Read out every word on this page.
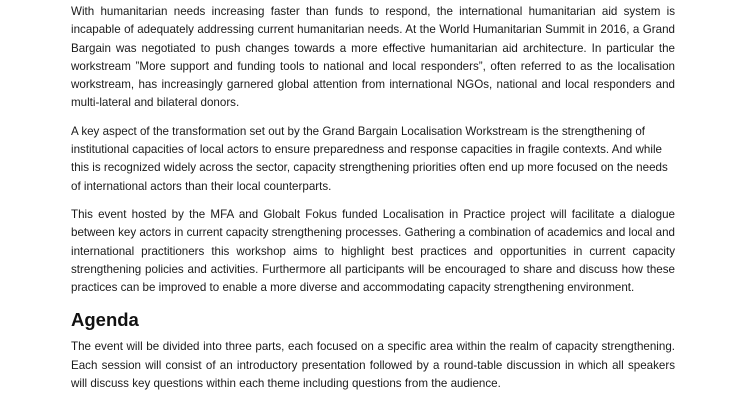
With humanitarian needs increasing faster than funds to respond, the international humanitarian aid system is incapable of adequately addressing current humanitarian needs. At the World Humanitarian Summit in 2016, a Grand Bargain was negotiated to push changes towards a more effective humanitarian aid architecture. In particular the workstream ”More support and funding tools to national and local responders”, often referred to as the localisation workstream, has increasingly garnered global attention from international NGOs, national and local responders and multi-lateral and bilateral donors.

A key aspect of the transformation set out by the Grand Bargain Localisation Workstream is the strengthening of institutional capacities of local actors to ensure preparedness and response capacities in fragile contexts. And while this is recognized widely across the sector, capacity strengthening priorities often end up more focused on the needs of international actors than their local counterparts.

This event hosted by the MFA and Globalt Fokus funded Localisation in Practice project will facilitate a dialogue between key actors in current capacity strengthening processes. Gathering a combination of academics and local and international practitioners this workshop aims to highlight best practices and opportunities in current capacity strengthening policies and activities. Furthermore all participants will be encouraged to share and discuss how these practices can be improved to enable a more diverse and accommodating capacity strengthening environment.

Agenda

The event will be divided into three parts, each focused on a specific area within the realm of capacity strengthening. Each session will consist of an introductory presentation followed by a round-table discussion in which all speakers will discuss key questions within each theme including questions from the audience.
